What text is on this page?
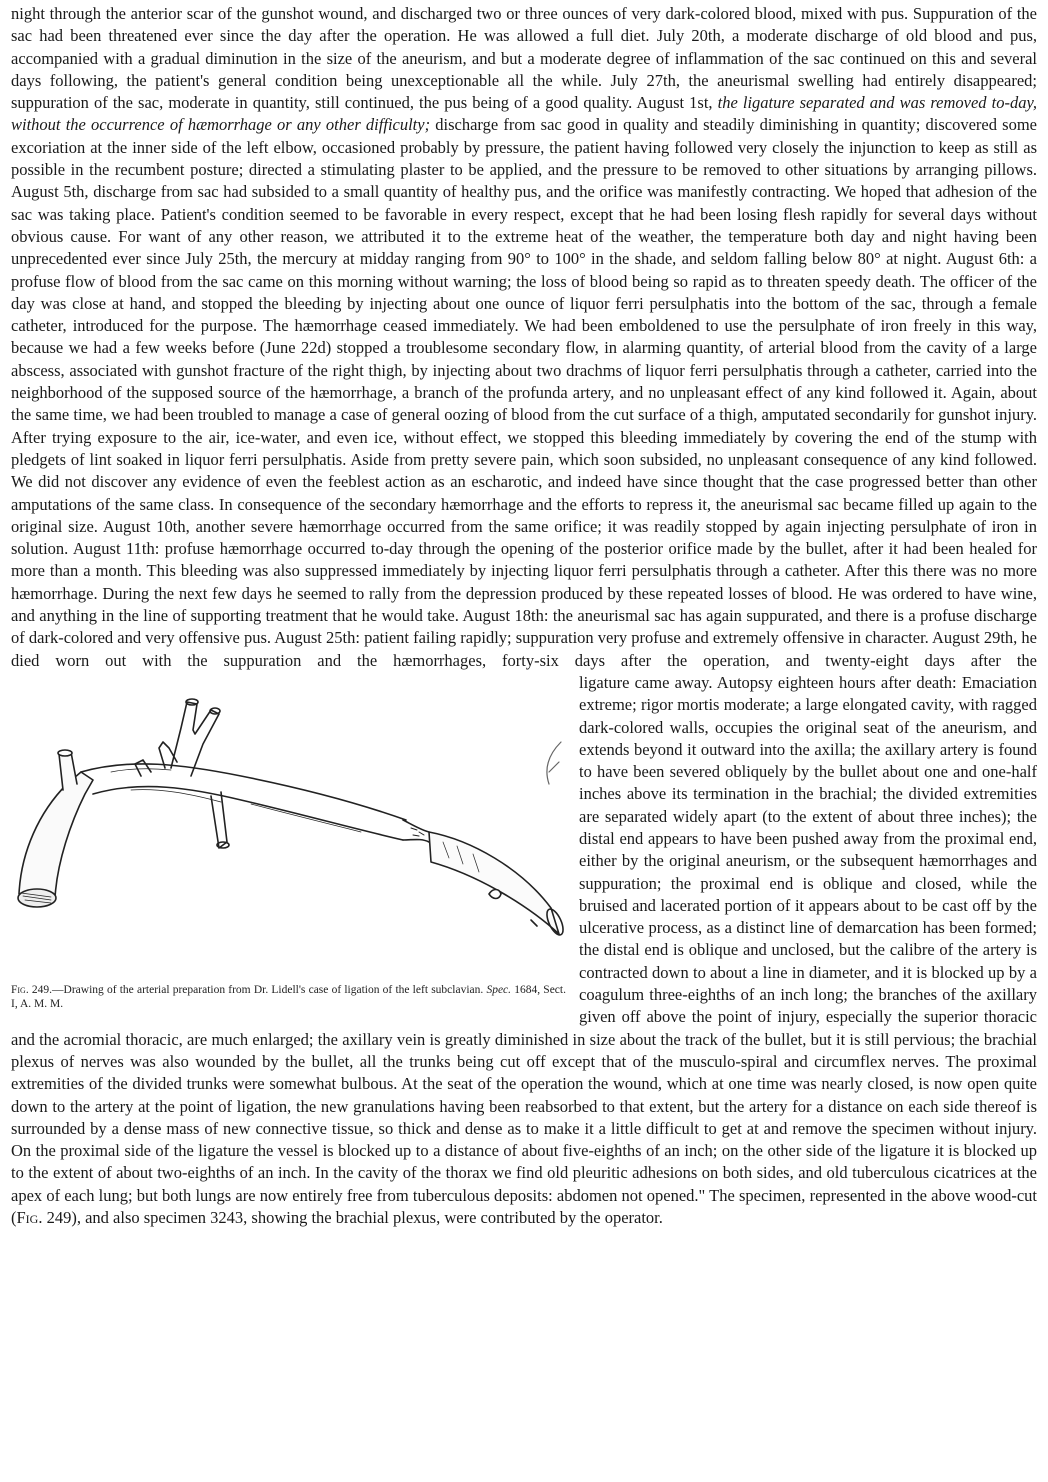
night through the anterior scar of the gunshot wound, and discharged two or three ounces of very dark-colored blood, mixed with pus. Suppuration of the sac had been threatened ever since the day after the operation. He was allowed a full diet. July 20th, a moderate discharge of old blood and pus, accompanied with a gradual diminution in the size of the aneurism, and but a moderate degree of inflammation of the sac continued on this and several days following, the patient's general condition being unexceptionable all the while. July 27th, the aneurismal swelling had entirely disappeared; suppuration of the sac, moderate in quantity, still continued, the pus being of a good quality. August 1st, the ligature separated and was removed to-day, without the occurrence of hæmorrhage or any other difficulty; discharge from sac good in quality and steadily diminishing in quantity; discovered some excoriation at the inner side of the left elbow, occasioned probably by pressure, the patient having followed very closely the injunction to keep as still as possible in the recumbent posture; directed a stimulating plaster to be applied, and the pressure to be removed to other situations by arranging pillows. August 5th, discharge from sac had subsided to a small quantity of healthy pus, and the orifice was manifestly contracting. We hoped that adhesion of the sac was taking place. Patient's condition seemed to be favorable in every respect, except that he had been losing flesh rapidly for several days without obvious cause. For want of any other reason, we attributed it to the extreme heat of the weather, the temperature both day and night having been unprecedented ever since July 25th, the mercury at midday ranging from 90° to 100° in the shade, and seldom falling below 80° at night. August 6th: a profuse flow of blood from the sac came on this morning without warning; the loss of blood being so rapid as to threaten speedy death. The officer of the day was close at hand, and stopped the bleeding by injecting about one ounce of liquor ferri persulphatis into the bottom of the sac, through a female catheter, introduced for the purpose. The hæmorrhage ceased immediately. We had been emboldened to use the persulphate of iron freely in this way, because we had a few weeks before (June 22d) stopped a troublesome secondary flow, in alarming quantity, of arterial blood from the cavity of a large abscess, associated with gunshot fracture of the right thigh, by injecting about two drachms of liquor ferri persulphatis through a catheter, carried into the neighborhood of the supposed source of the hæmorrhage, a branch of the profunda artery, and no unpleasant effect of any kind followed it. Again, about the same time, we had been troubled to manage a case of general oozing of blood from the cut surface of a thigh, amputated secondarily for gunshot injury. After trying exposure to the air, ice-water, and even ice, without effect, we stopped this bleeding immediately by covering the end of the stump with pledgets of lint soaked in liquor ferri persulphatis. Aside from pretty severe pain, which soon subsided, no unpleasant consequence of any kind followed. We did not discover any evidence of even the feeblest action as an escharotic, and indeed have since thought that the case progressed better than other amputations of the same class. In consequence of the secondary hæmorrhage and the efforts to repress it, the aneurismal sac became filled up again to the original size. August 10th, another severe hæmorrhage occurred from the same orifice; it was readily stopped by again injecting persulphate of iron in solution. August 11th: profuse hæmorrhage occurred to-day through the opening of the posterior orifice made by the bullet, after it had been healed for more than a month. This bleeding was also suppressed immediately by injecting liquor ferri persulphatis through a catheter. After this there was no more hæmorrhage. During the next few days he seemed to rally from the depression produced by these repeated losses of blood. He was ordered to have wine, and anything in the line of supporting treatment that he would take. August 18th: the aneurismal sac has again suppurated, and there is a profuse discharge of dark-colored and very offensive pus. August 25th: patient failing rapidly; suppuration very profuse and extremely offensive in character. August 29th, he died worn out with the suppuration and the hæmorrhages, forty-six days after the operation, and twenty-eight days after the

Fig. 249.—Drawing of the arterial preparation from Dr. Lidell's case of ligation of the left subclavian. Spec. 1684, Sect. I, A. M. M.

ligature came away. Autopsy eighteen hours after death: Emaciation extreme; rigor mortis moderate; a large elongated cavity, with ragged dark-colored walls, occupies the original seat of the aneurism, and extends beyond it outward into the axilla; the axillary artery is found to have been severed obliquely by the bullet about one and one-half inches above its termination in the brachial; the divided extremities are separated widely apart (to the extent of about three inches); the distal end appears to have been pushed away from the proximal end, either by the original aneurism, or the subsequent hæmorrhages and suppuration; the proximal end is oblique and closed, while the bruised and lacerated portion of it appears about to be cast off by the ulcerative process, as a distinct line of demarcation has been formed; the distal end is oblique and unclosed, but the calibre of the artery is contracted down to about a line in diameter, and it is blocked up by a coagulum three-eighths of an inch long; the branches of the axillary given off above the point of injury, especially the superior thoracic and the acromial thoracic, are much enlarged; the axillary vein is greatly diminished in size about the track of the bullet, but it is still pervious; the brachial plexus of nerves was also wounded by the bullet, all the trunks being cut off except that of the musculo-spiral and circumflex nerves. The proximal extremities of the divided trunks were somewhat bulbous. At the seat of the operation the wound, which at one time was nearly closed, is now open quite down to the artery at the point of ligation, the new granulations having been reabsorbed to that extent, but the artery for a distance on each side thereof is surrounded by a dense mass of new connective tissue, so thick and dense as to make it a little difficult to get at and remove the specimen without injury. On the proximal side of the ligature the vessel is blocked up to a distance of about five-eighths of an inch; on the other side of the ligature it is blocked up to the extent of about two-eighths of an inch. In the cavity of the thorax we find old pleuritic adhesions on both sides, and old tuberculous cicatrices at the apex of each lung; but both lungs are now entirely free from tuberculous deposits: abdomen not opened." The specimen, represented in the above wood-cut (Fig. 249), and also specimen 3243, showing the brachial plexus, were contributed by the operator.
